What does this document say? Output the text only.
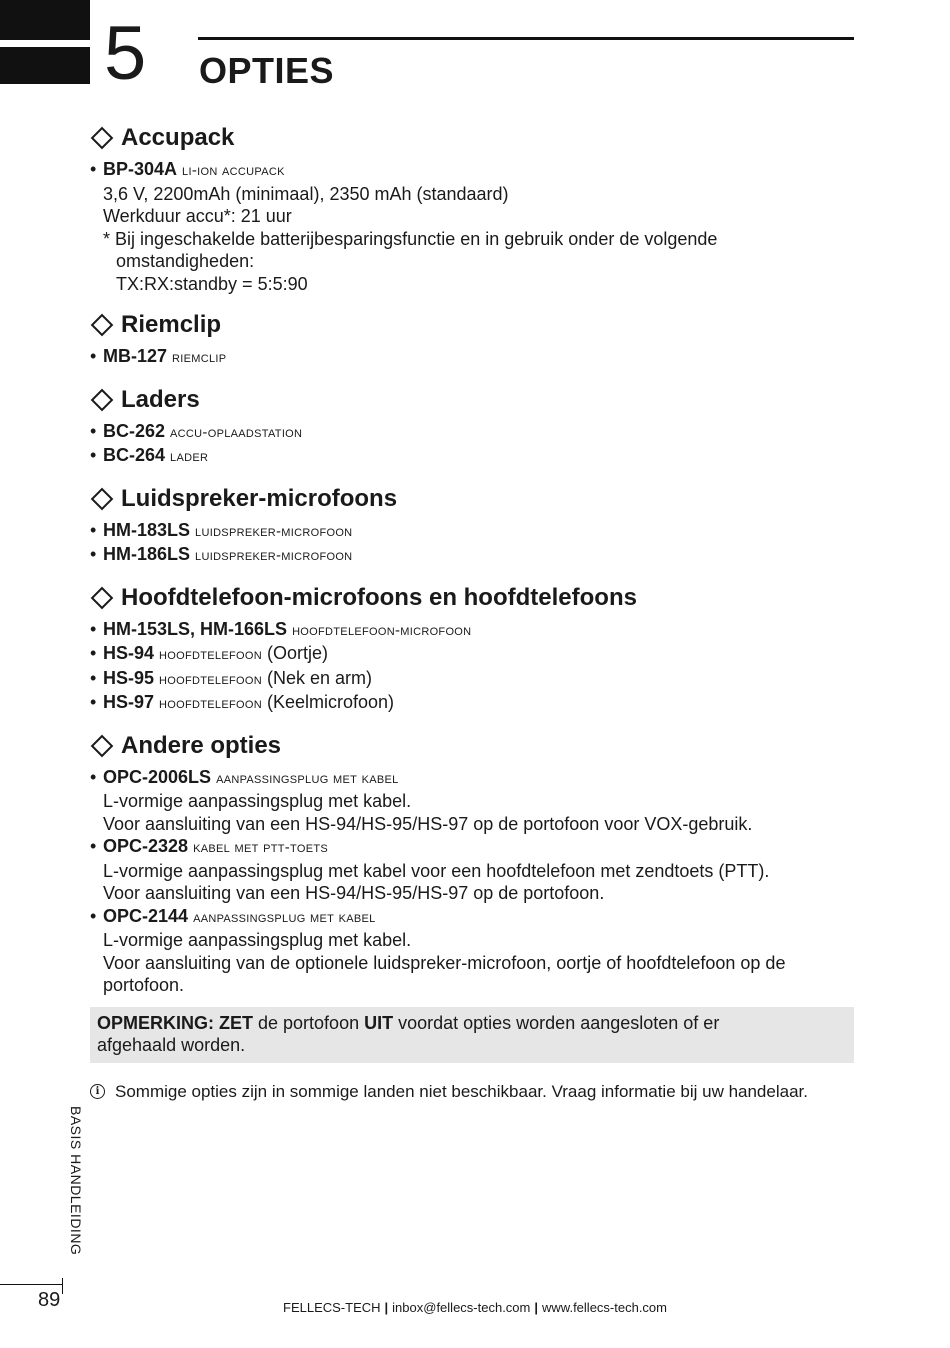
5 OPTIES
Accupack
• BP-304A li-ion accupack
3,6 V, 2200mAh (minimaal), 2350 mAh (standaard)
Werkduur accu*: 21 uur
* Bij ingeschakelde batterijbesparingsfunctie en in gebruik onder de volgende
omstandigheden:
TX:RX:standby = 5:5:90
Riemclip
• MB-127 riemclip
Laders
• BC-262 accu-oplaadstation
• BC-264 lader
Luidspreker-microfoons
• HM-183LS luidspreker-microfoon
• HM-186LS luidspreker-microfoon
Hoofdtelefoon-microfoons en hoofdtelefoons
• HM-153LS, HM-166LS hoofdtelefoon-microfoon
• HS-94 hoofdtelefoon (Oortje)
• HS-95 hoofdtelefoon (Nek en arm)
• HS-97 hoofdtelefoon (Keelmicrofoon)
Andere opties
• OPC-2006LS aanpassingsplug met kabel
L-vormige aanpassingsplug met kabel.
Voor aansluiting van een HS-94/HS-95/HS-97 op de portofoon voor VOX-gebruik.
• OPC-2328 kabel met ptt-toets
L-vormige aanpassingsplug met kabel voor een hoofdtelefoon met zendtoets (PTT).
Voor aansluiting van een HS-94/HS-95/HS-97 op de portofoon.
• OPC-2144 aanpassingsplug met kabel
L-vormige aanpassingsplug met kabel.
Voor aansluiting van de optionele luidspreker-microfoon, oortje of hoofdtelefoon op de
portofoon.
OPMERKING: ZET de portofoon UIT voordat opties worden aangesloten of er
afgehaald worden.
i Sommige opties zijn in sommige landen niet beschikbaar. Vraag informatie bij uw handelaar.
BASIS HANDLEIDING
89	FELLECS-TECH | inbox@fellecs-tech.com | www.fellecs-tech.com
